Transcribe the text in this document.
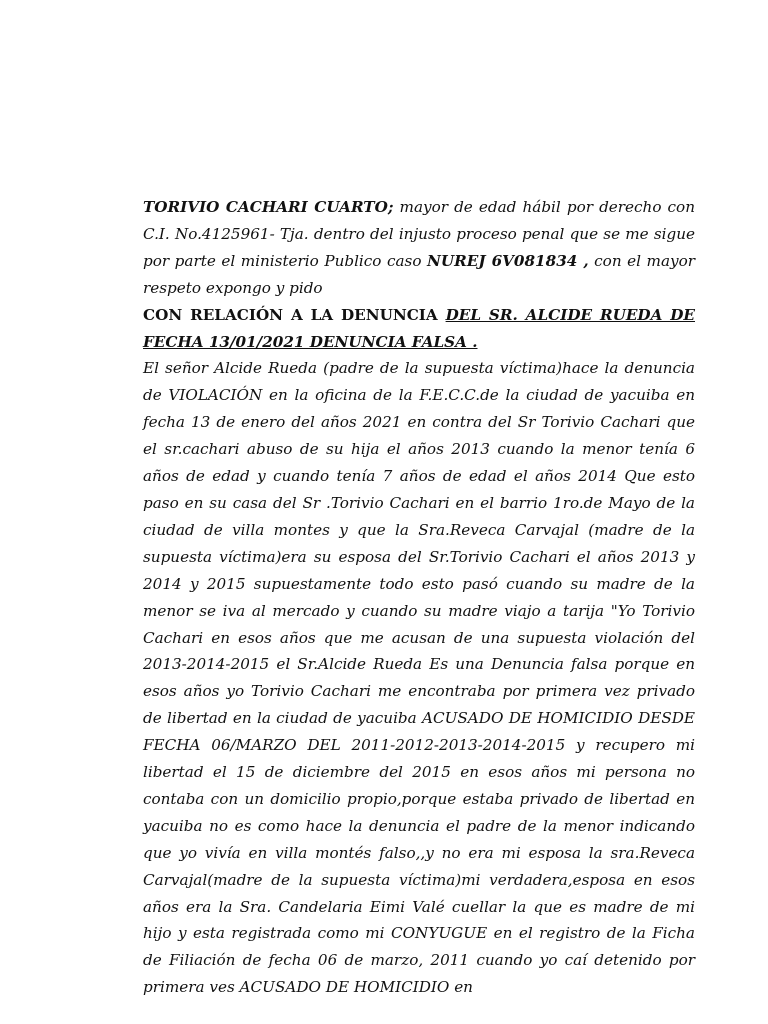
TORIVIO CACHARI CUARTO; mayor de edad hábil por derecho con C.I. No.4125961- Tja. dentro del injusto proceso penal que se me sigue por parte el ministerio Publico caso NUREJ 6V081834 , con el mayor respeto expongo y pido

CON RELACIÓN A LA DENUNCIA DEL SR. ALCIDE RUEDA DE FECHA 13/01/2021 DENUNCIA FALSA .

El señor Alcide Rueda (padre de la supuesta víctima)hace la denuncia de VIOLACIÓN en la oficina de la F.E.C.C.de la ciudad de yacuiba en fecha 13 de enero del años 2021 en contra del Sr Torivio Cachari que el sr.cachari abuso de su hija el años 2013 cuando la menor tenía 6 años de edad y cuando tenía 7 años de edad el años 2014 Que esto paso en su casa del Sr .Torivio Cachari en el barrio 1ro.de Mayo de la ciudad de villa montes y que la Sra.Reveca Carvajal (madre de la supuesta víctima)era su esposa del Sr.Torivio Cachari el años 2013 y 2014 y 2015 supuestamente todo esto pasó cuando su madre de la menor se iva al mercado y cuando su madre viajo a tarija "Yo Torivio Cachari en esos años que me acusan de una supuesta violación del 2013-2014-2015 el Sr.Alcide Rueda Es una Denuncia falsa porque en esos años yo Torivio Cachari me encontraba por primera vez privado de libertad en la ciudad de yacuiba ACUSADO DE HOMICIDIO DESDE FECHA 06/MARZO DEL 2011-2012-2013-2014-2015 y recupero mi libertad el 15 de diciembre del 2015 en esos años mi persona no contaba con un domicilio propio,porque estaba privado de libertad en yacuiba no es como hace la denuncia el padre de la menor indicando que yo vivía en villa montés falso,,y no era mi esposa la sra.Reveca Carvajal(madre de la supuesta víctima)mi verdadera,esposa en esos años era la Sra. Candelaria Eimi Valé cuellar la que es madre de mi hijo y esta registrada como mi CONYUGUE en el registro de la Ficha de Filiación de fecha 06 de marzo, 2011 cuando yo caí detenido por primera ves ACUSADO DE HOMICIDIO en
